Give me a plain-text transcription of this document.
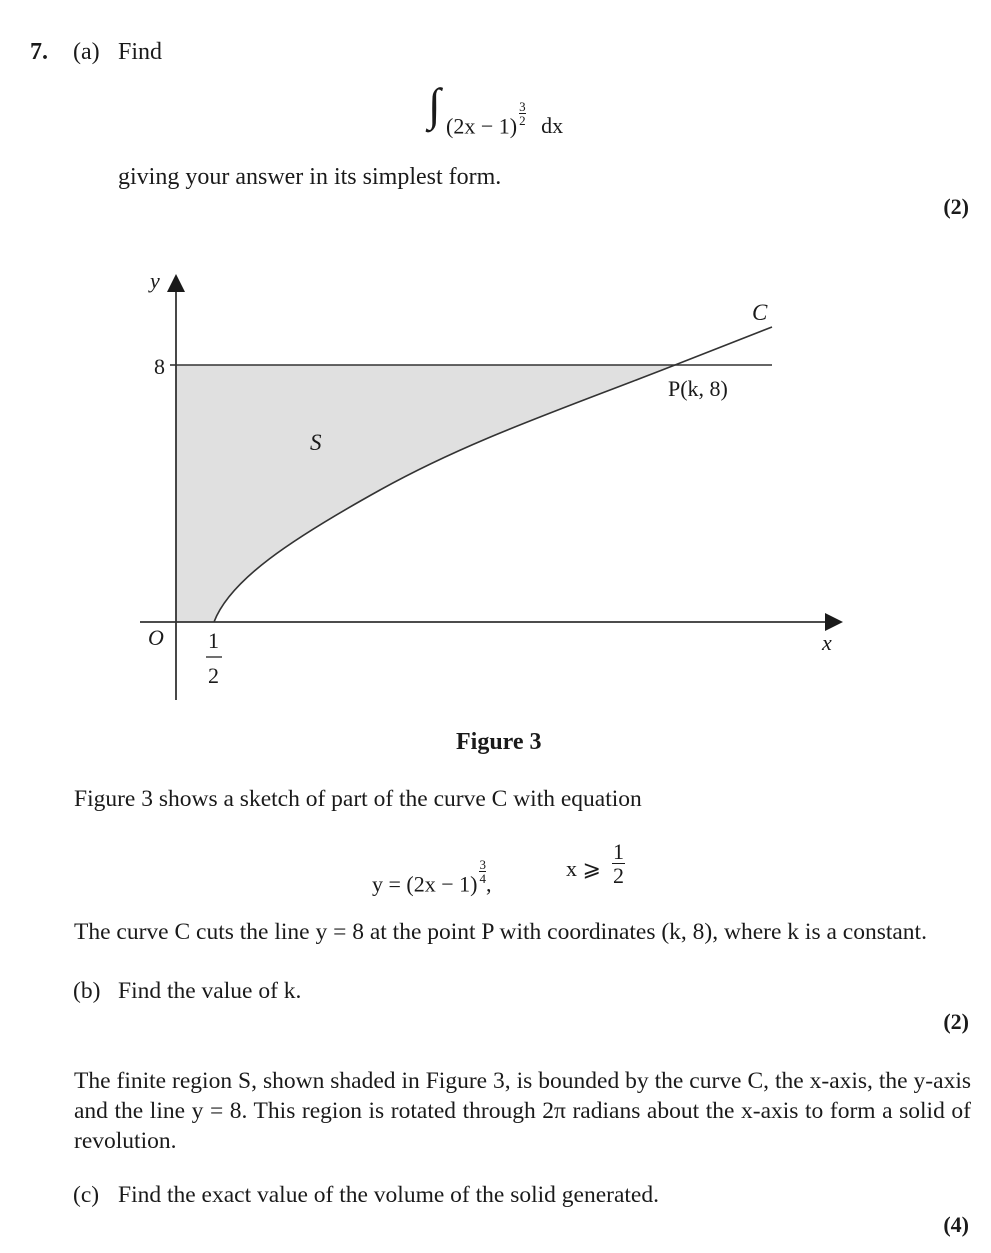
7. (a) Find
∫ $(2x - 1) \frac{3}{2}$ dx
giving your answer in its simplest form.
(2)
y
x
O
8
1
2
C
P(k, 8)
S
Figure 3
Figure 3 shows a sketch of part of the curve C with equation
$y = (2x - 1) \frac{3}{4}$ ,
x ⩾ $\frac{1}{2}$
The curve C cuts the line y = 8 at the point P with coordinates (k, 8), where k is a constant.
(b) Find the value of k.
(2)
The finite region S, shown shaded in Figure 3, is bounded by the curve C, the x-axis, the y-axis and the line y = 8. This region is rotated through 2π radians about the x-axis to form a solid of revolution.
(c) Find the exact value of the volume of the solid generated.
(4)
